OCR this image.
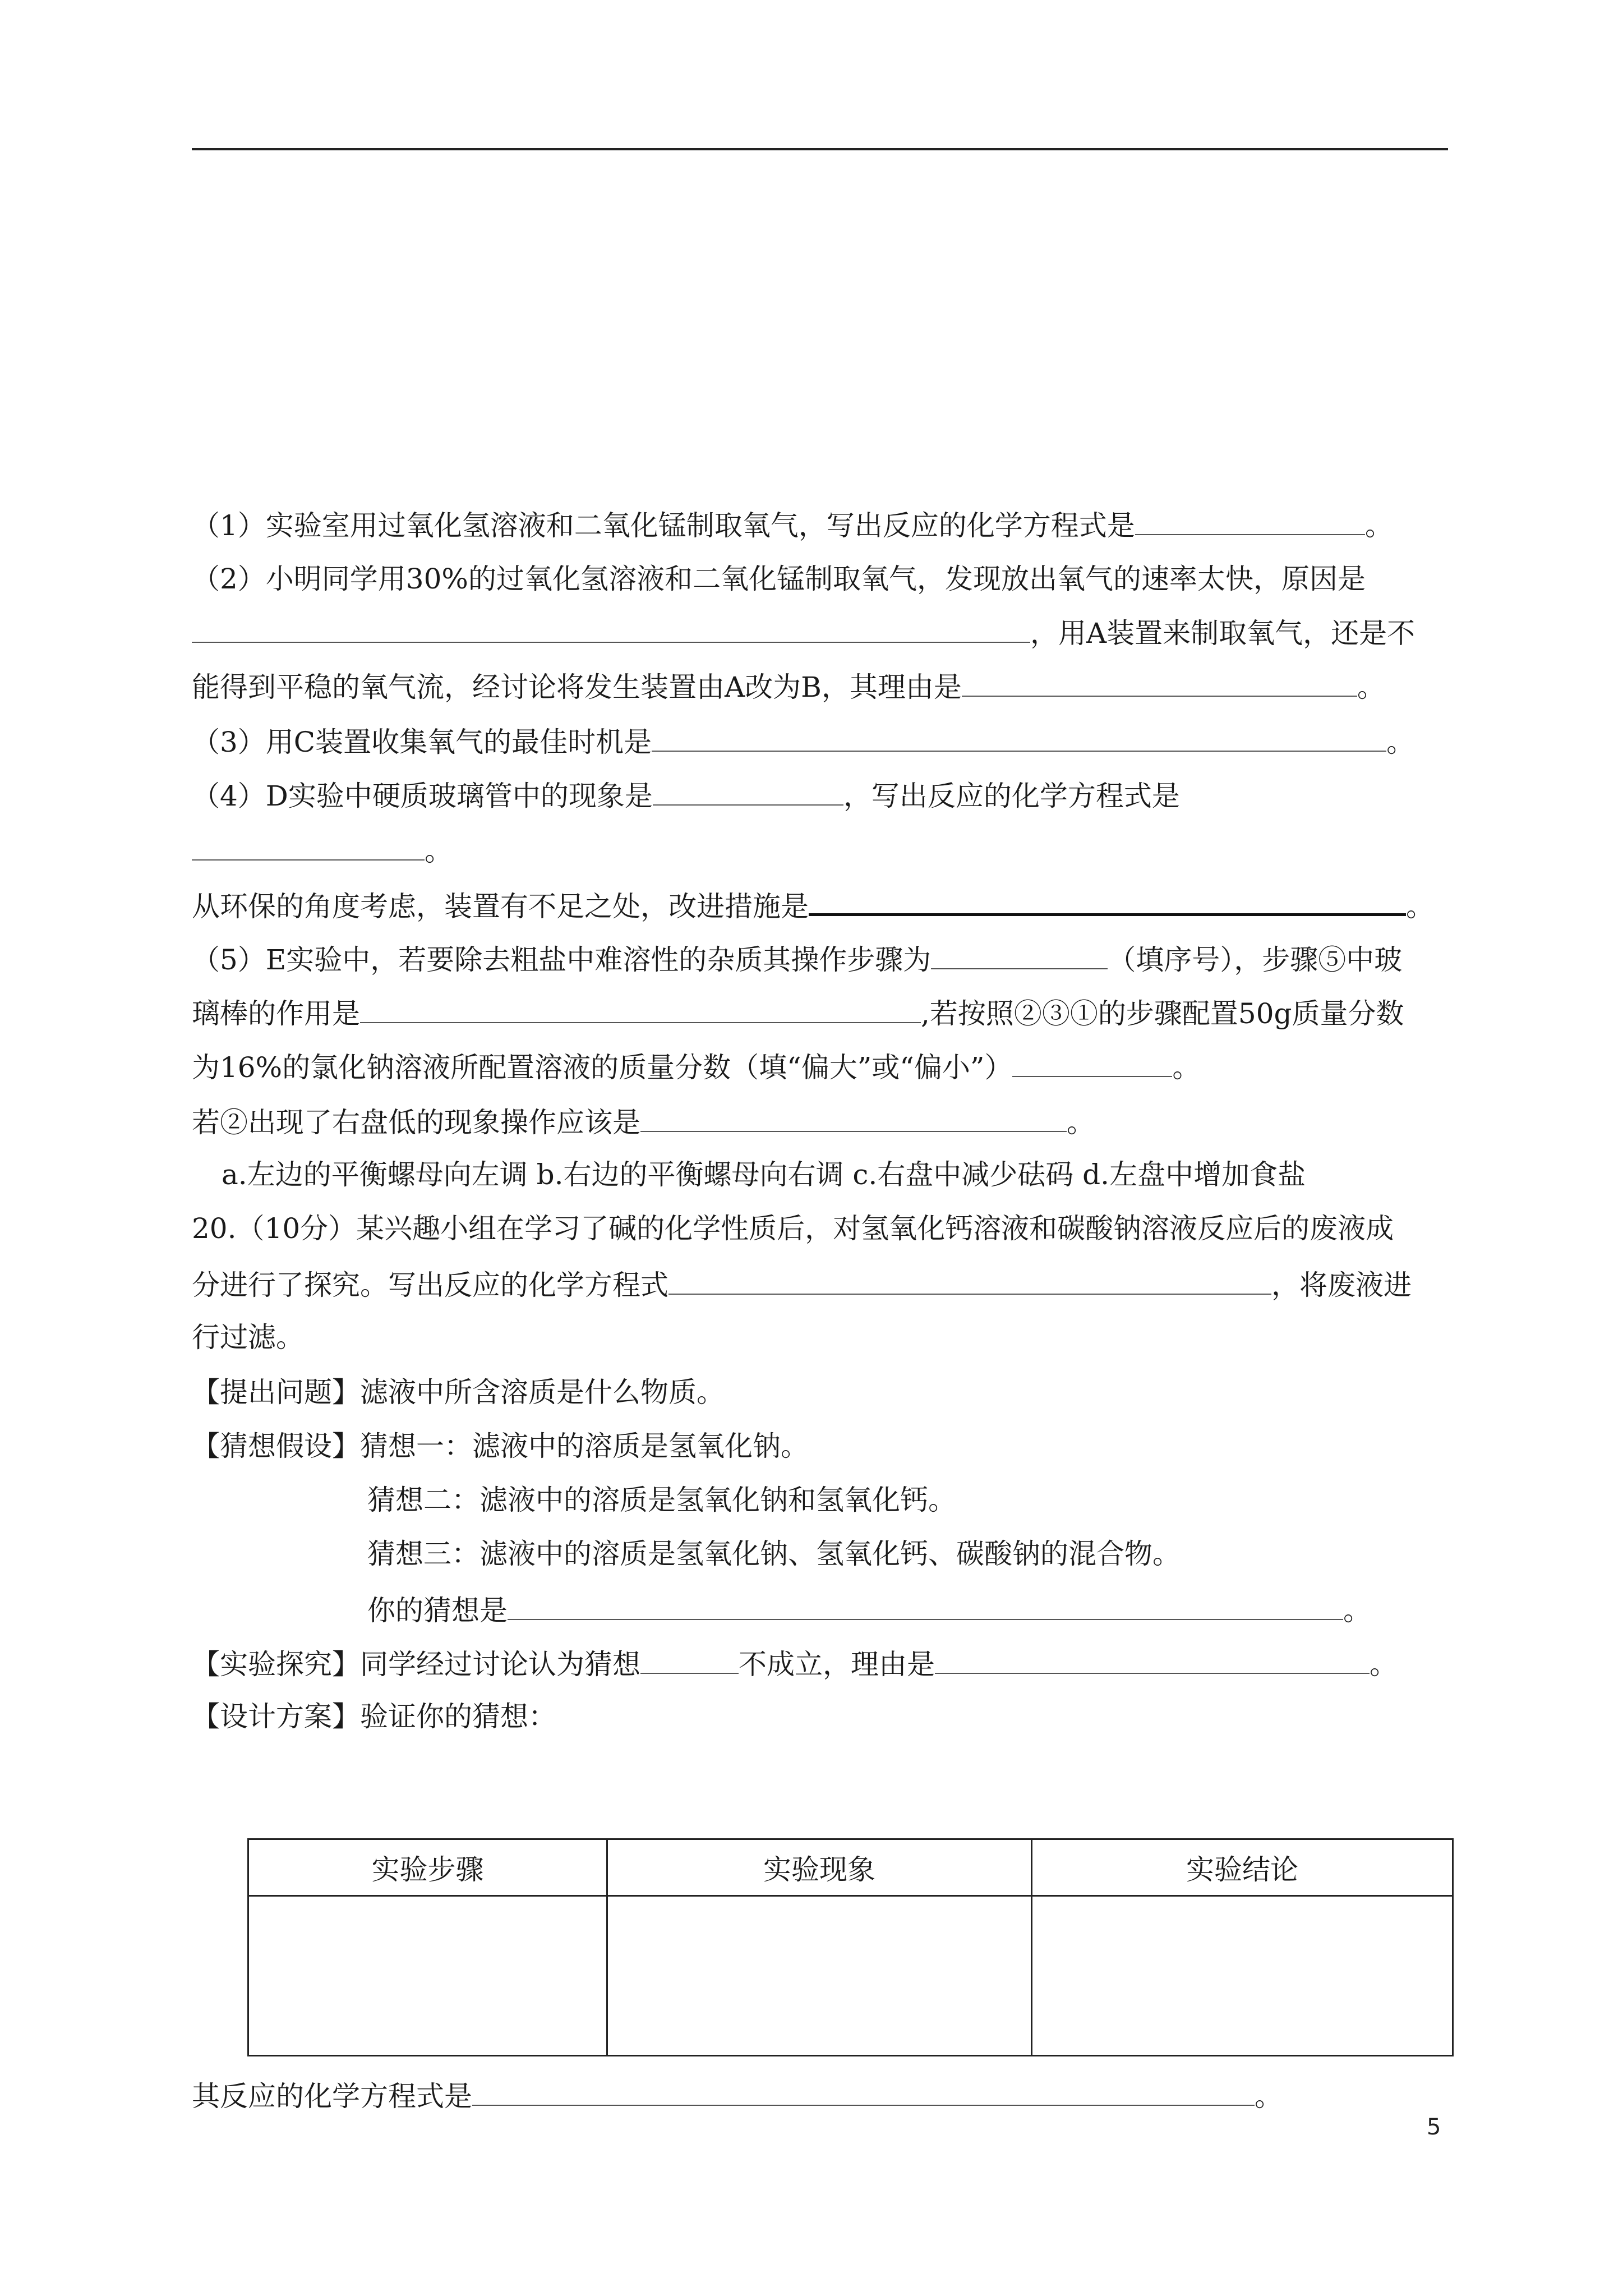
（1）实验室用过氧化氢溶液和二氧化锰制取氧气，写出反应的化学方程式是	。
（2）小明同学用30%的过氧化氢溶液和二氧化锰制取氧气，发现放出氧气的速率太快，原因是
，用A装置来制取氧气，还是不
能得到平稳的氧气流，经讨论将发生装置由A改为B，其理由是	。
（3）用C装置收集氧气的最佳时机是	。
（4）D实验中硬质玻璃管中的现象是	，写出反应的化学方程式是
。
从环保的角度考虑，装置有不足之处，改进措施是	。
（5）E实验中，若要除去粗盐中难溶性的杂质其操作步骤为	（填序号），步骤⑤中玻
璃棒的作用是	,若按照②③①的步骤配置50g质量分数
为16%的氯化钠溶液所配置溶液的质量分数（填“偏大”或“偏小”）	。
若②出现了右盘低的现象操作应该是	。
a.左边的平衡螺母向左调 b.右边的平衡螺母向右调 c.右盘中减少砝码 d.左盘中增加食盐
20.（10分）某兴趣小组在学习了碱的化学性质后，对氢氧化钙溶液和碳酸钠溶液反应后的废液成
分进行了探究。写出反应的化学方程式	，将废液进
行过滤。
【提出问题】滤液中所含溶质是什么物质。
【猜想假设】猜想一：滤液中的溶质是氢氧化钠。
猜想二：滤液中的溶质是氢氧化钠和氢氧化钙。
猜想三：滤液中的溶质是氢氧化钠、氢氧化钙、碳酸钠的混合物。
你的猜想是	。
【实验探究】同学经过讨论认为猜想	不成立，理由是	。
【设计方案】验证你的猜想：
实验步骤	实验现象	实验结论

其反应的化学方程式是	。
5
